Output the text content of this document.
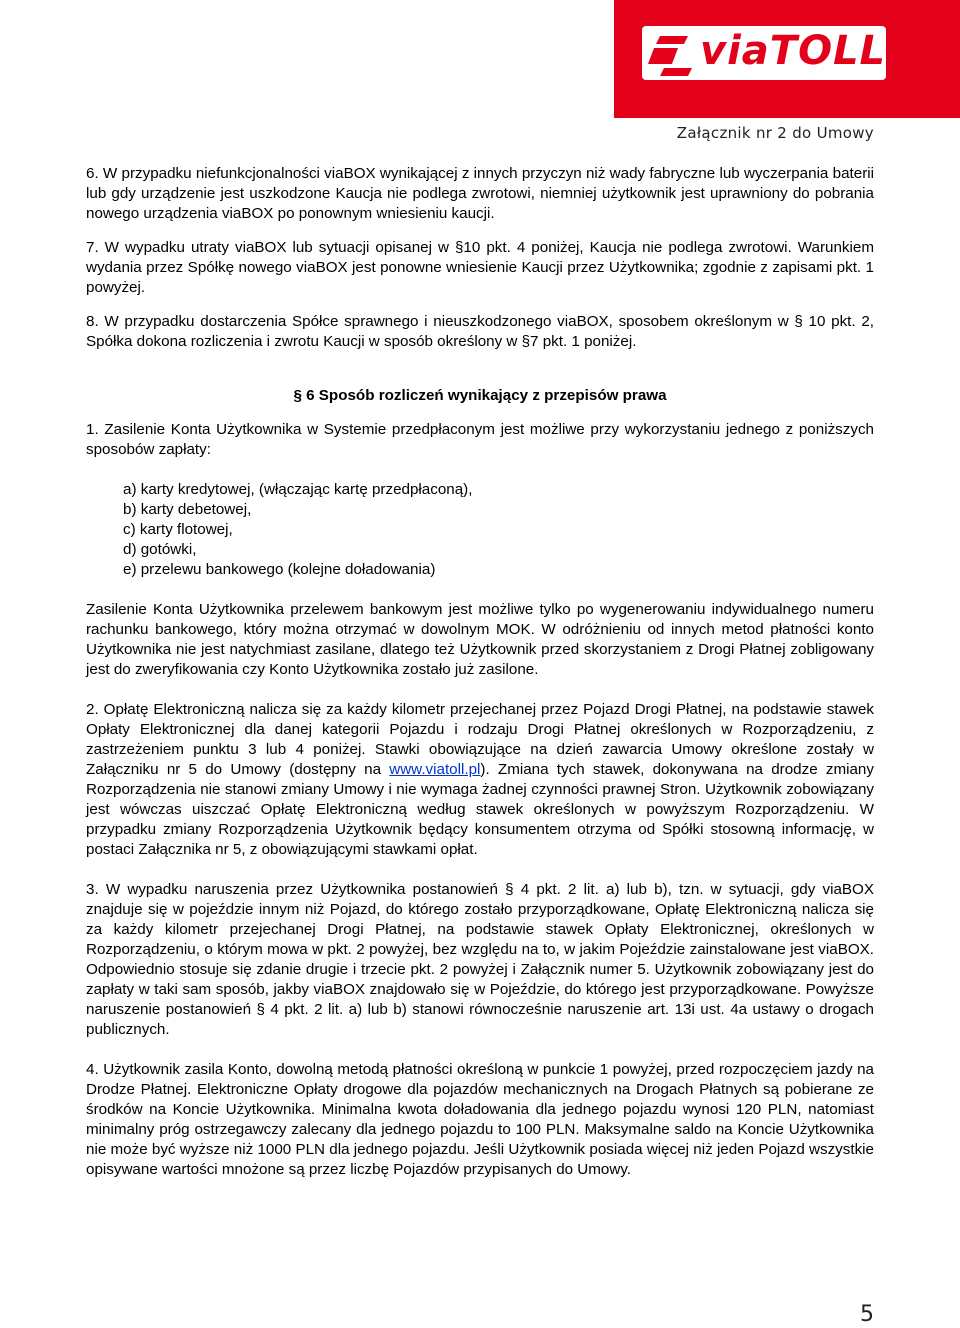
viaTOLL
Załącznik nr 2 do Umowy

6. W przypadku niefunkcjonalności viaBOX wynikającej z innych przyczyn niż wady fabryczne lub wyczerpania baterii lub gdy urządzenie jest uszkodzone Kaucja nie podlega zwrotowi, niemniej użytkownik jest uprawniony do pobrania nowego urządzenia viaBOX po ponownym wniesieniu kaucji.

7. W wypadku utraty viaBOX lub sytuacji opisanej w §10 pkt. 4 poniżej, Kaucja nie podlega zwrotowi. Warunkiem wydania przez Spółkę nowego viaBOX jest ponowne wniesienie Kaucji przez Użytkownika; zgodnie z zapisami pkt. 1 powyżej.

8. W przypadku dostarczenia Spółce sprawnego i nieuszkodzonego viaBOX, sposobem określonym w § 10 pkt. 2, Spółka dokona rozliczenia i zwrotu Kaucji w sposób określony w §7 pkt. 1 poniżej.

§ 6 Sposób rozliczeń wynikający z przepisów prawa

1. Zasilenie Konta Użytkownika w Systemie przedpłaconym jest możliwe przy wykorzystaniu jednego z poniższych sposobów zapłaty:

a) karty kredytowej, (włączając kartę przedpłaconą),
b) karty debetowej,
c) karty flotowej,
d) gotówki,
e) przelewu bankowego (kolejne doładowania)

Zasilenie Konta Użytkownika przelewem bankowym jest możliwe tylko po wygenerowaniu indywidualnego numeru rachunku bankowego, który można otrzymać w dowolnym MOK. W odróżnieniu od innych metod płatności konto Użytkownika nie jest natychmiast zasilane, dlatego też Użytkownik przed skorzystaniem z Drogi Płatnej zobligowany jest do zweryfikowania czy Konto Użytkownika zostało już zasilone.

2. Opłatę Elektroniczną nalicza się za każdy kilometr przejechanej przez Pojazd Drogi Płatnej, na podstawie stawek Opłaty Elektronicznej dla danej kategorii Pojazdu i rodzaju Drogi Płatnej określonych w Rozporządzeniu, z zastrzeżeniem punktu 3 lub 4 poniżej. Stawki obowiązujące na dzień zawarcia Umowy określone zostały w Załączniku nr 5 do Umowy (dostępny na www.viatoll.pl). Zmiana tych stawek, dokonywana na drodze zmiany Rozporządzenia nie stanowi zmiany Umowy i nie wymaga żadnej czynności prawnej Stron. Użytkownik zobowiązany jest wówczas uiszczać Opłatę Elektroniczną według stawek określonych w powyższym Rozporządzeniu. W przypadku zmiany Rozporządzenia Użytkownik będący konsumentem otrzyma od Spółki stosowną informację, w postaci Załącznika nr 5, z obowiązującymi stawkami opłat.

3. W wypadku naruszenia przez Użytkownika postanowień § 4 pkt. 2 lit. a) lub b), tzn. w sytuacji, gdy viaBOX znajduje się w pojeździe innym niż Pojazd, do którego zostało przyporządkowane, Opłatę Elektroniczną nalicza się za każdy kilometr przejechanej Drogi Płatnej, na podstawie stawek Opłaty Elektronicznej, określonych w Rozporządzeniu, o którym mowa w pkt. 2 powyżej, bez względu na to, w jakim Pojeździe zainstalowane jest viaBOX. Odpowiednio stosuje się zdanie drugie i trzecie pkt. 2 powyżej i Załącznik numer 5. Użytkownik zobowiązany jest do zapłaty w taki sam sposób, jakby viaBOX znajdowało się w Pojeździe, do którego jest przyporządkowane. Powyższe naruszenie postanowień § 4 pkt. 2 lit. a) lub b) stanowi równocześnie naruszenie art. 13i ust. 4a ustawy o drogach publicznych.

4. Użytkownik zasila Konto, dowolną metodą płatności określoną w punkcie 1 powyżej, przed rozpoczęciem jazdy na Drodze Płatnej. Elektroniczne Opłaty drogowe dla pojazdów mechanicznych na Drogach Płatnych są pobierane ze środków na Koncie Użytkownika. Minimalna kwota doładowania dla jednego pojazdu wynosi 120 PLN, natomiast minimalny próg ostrzegawczy zalecany dla jednego pojazdu to 100 PLN. Maksymalne saldo na Koncie Użytkownika nie może być wyższe niż 1000 PLN dla jednego pojazdu. Jeśli Użytkownik posiada więcej niż jeden Pojazd wszystkie opisywane wartości mnożone są przez liczbę Pojazdów przypisanych do Umowy.

5
